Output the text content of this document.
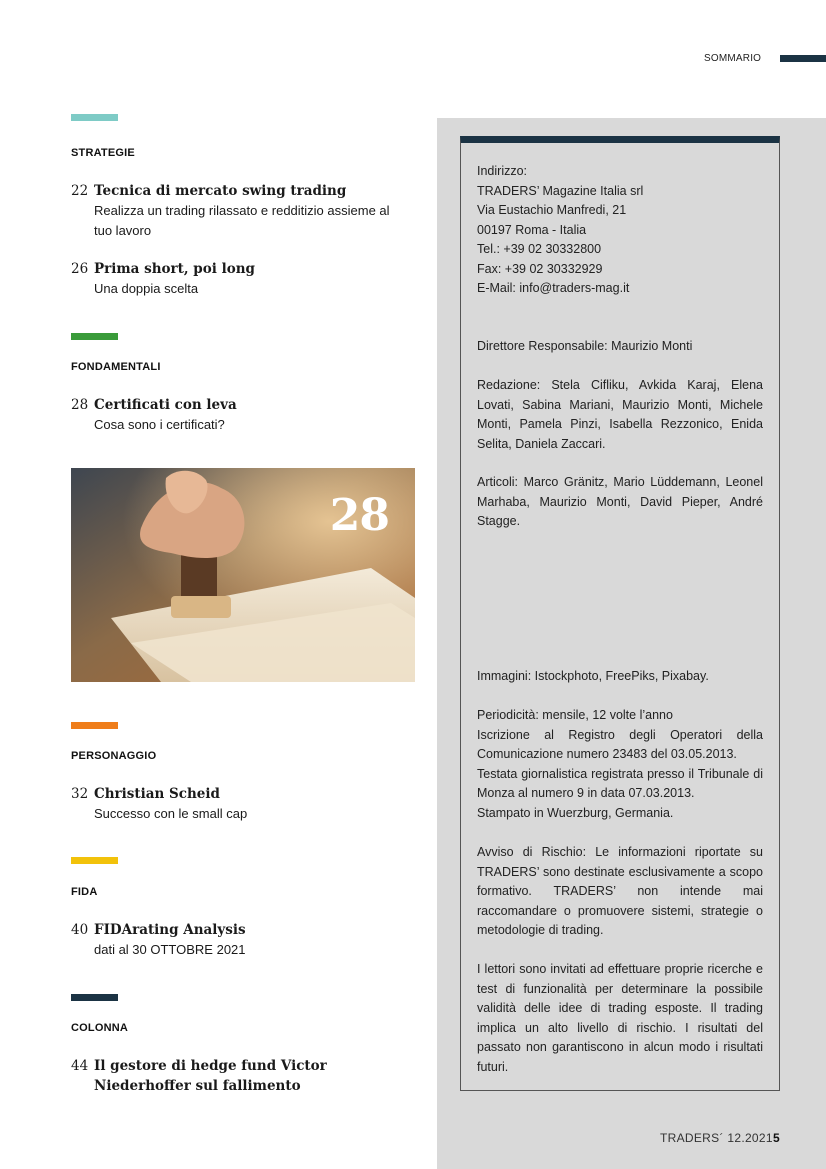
SOMMARIO
STRATEGIE
22 Tecnica di mercato swing trading
Realizza un trading rilassato e redditizio assieme al tuo lavoro
26 Prima short, poi long
Una doppia scelta
FONDAMENTALI
28 Certificati con leva
Cosa sono i certificati?
28
PERSONAGGIO
32 Christian Scheid
Successo con le small cap
FIDA
40 FIDArating Analysis
dati al 30 OTTOBRE 2021
COLONNA
44 Il gestore di hedge fund Victor Niederhoffer sul fallimento
Indirizzo:
TRADERS’ Magazine Italia srl
Via Eustachio Manfredi, 21
00197 Roma - Italia
Tel.: +39 02 30332800
Fax: +39 02 30332929
E-Mail: info@traders-mag.it
Direttore Responsabile: Maurizio Monti
Redazione: Stela Cifliku, Avkida Karaj, Elena Lovati, Sabina Mariani, Maurizio Monti, Michele Monti, Pamela Pinzi, Isabella Rezzonico, Enida Selita, Daniela Zaccari.
Articoli: Marco Gränitz, Mario Lüddemann, Leonel Marhaba, Maurizio Monti, David Pieper, André Stagge.
Immagini: Istockphoto, FreePiks, Pixabay.
Periodicità: mensile, 12 volte l’anno
Iscrizione al Registro degli Operatori della Comunicazione numero 23483 del 03.05.2013.
Testata giornalistica registrata presso il Tribunale di Monza al numero 9 in data 07.03.2013.
Stampato in Wuerzburg, Germania.
Avviso di Rischio: Le informazioni riportate su TRADERS’ sono destinate esclusivamente a scopo formativo. TRADERS’ non intende mai raccomandare o promuovere sistemi, strategie o metodologie di trading.
I lettori sono invitati ad effettuare proprie ricerche e test di funzionalità per determinare la possibile validità delle idee di trading esposte. Il trading implica un alto livello di rischio. I risultati del passato non garantiscono in alcun modo i risultati futuri.
TRADERS´ 12.2021 5
